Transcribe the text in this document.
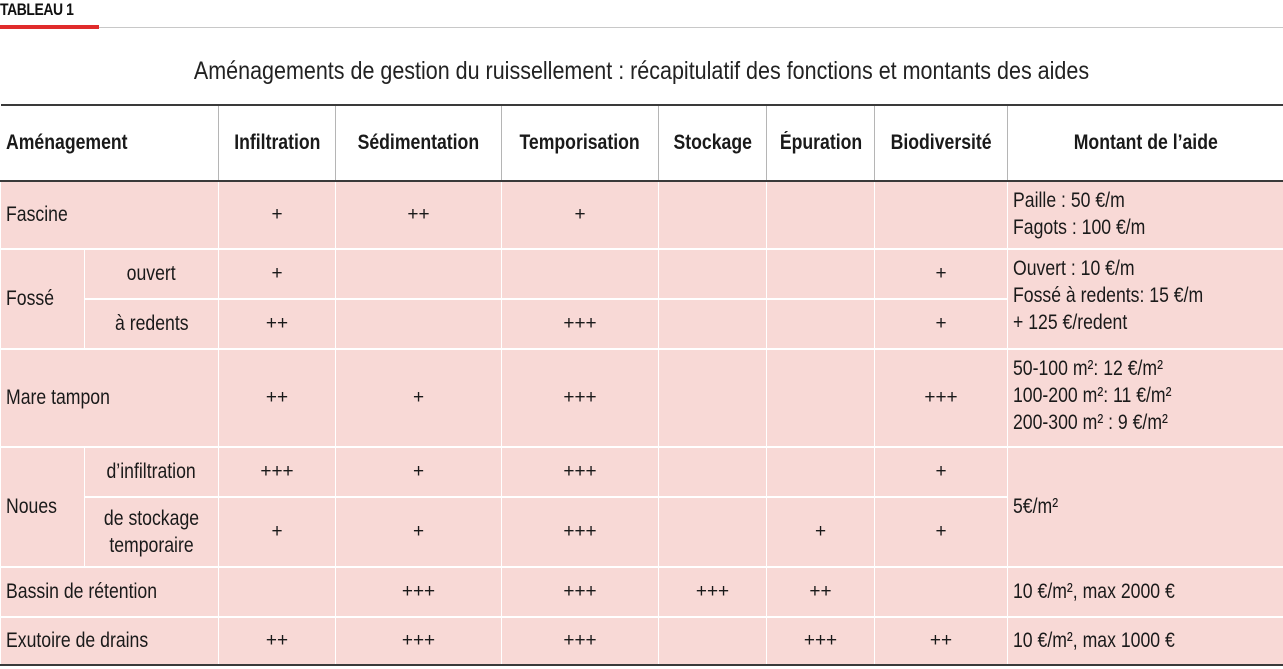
TABLEAU 1
Aménagements de gestion du ruissellement : récapitulatif des fonctions et montants des aides
Aménagement		Infiltration	Sédimentation	Temporisation	Stockage	Épuration	Biodiversité	Montant de l’aide
Fascine		+	++	+				Paille : 50 €/m
Fagots : 100 €/m

Fossé	ouvert	+					+	Ouvert : 10 €/m
Fossé à redents: 15 €/m
+ 125 €/redent

	à redents	++		+++			+	
Mare tampon		++	+	+++			+++	50-100 m²: 12 €/m²
100-200 m²: 11 €/m²
200-300 m² : 9 €/m²

Noues	d’infiltration	+++	+	+++			+	5€/m²

	de stockage
temporaire	+	+	+++		+	+	
Bassin de rétention			+++	+++	+++	++		10 €/m², max 2000 €
Exutoire de drains		++	+++	+++		+++	++	10 €/m², max 1000 €
